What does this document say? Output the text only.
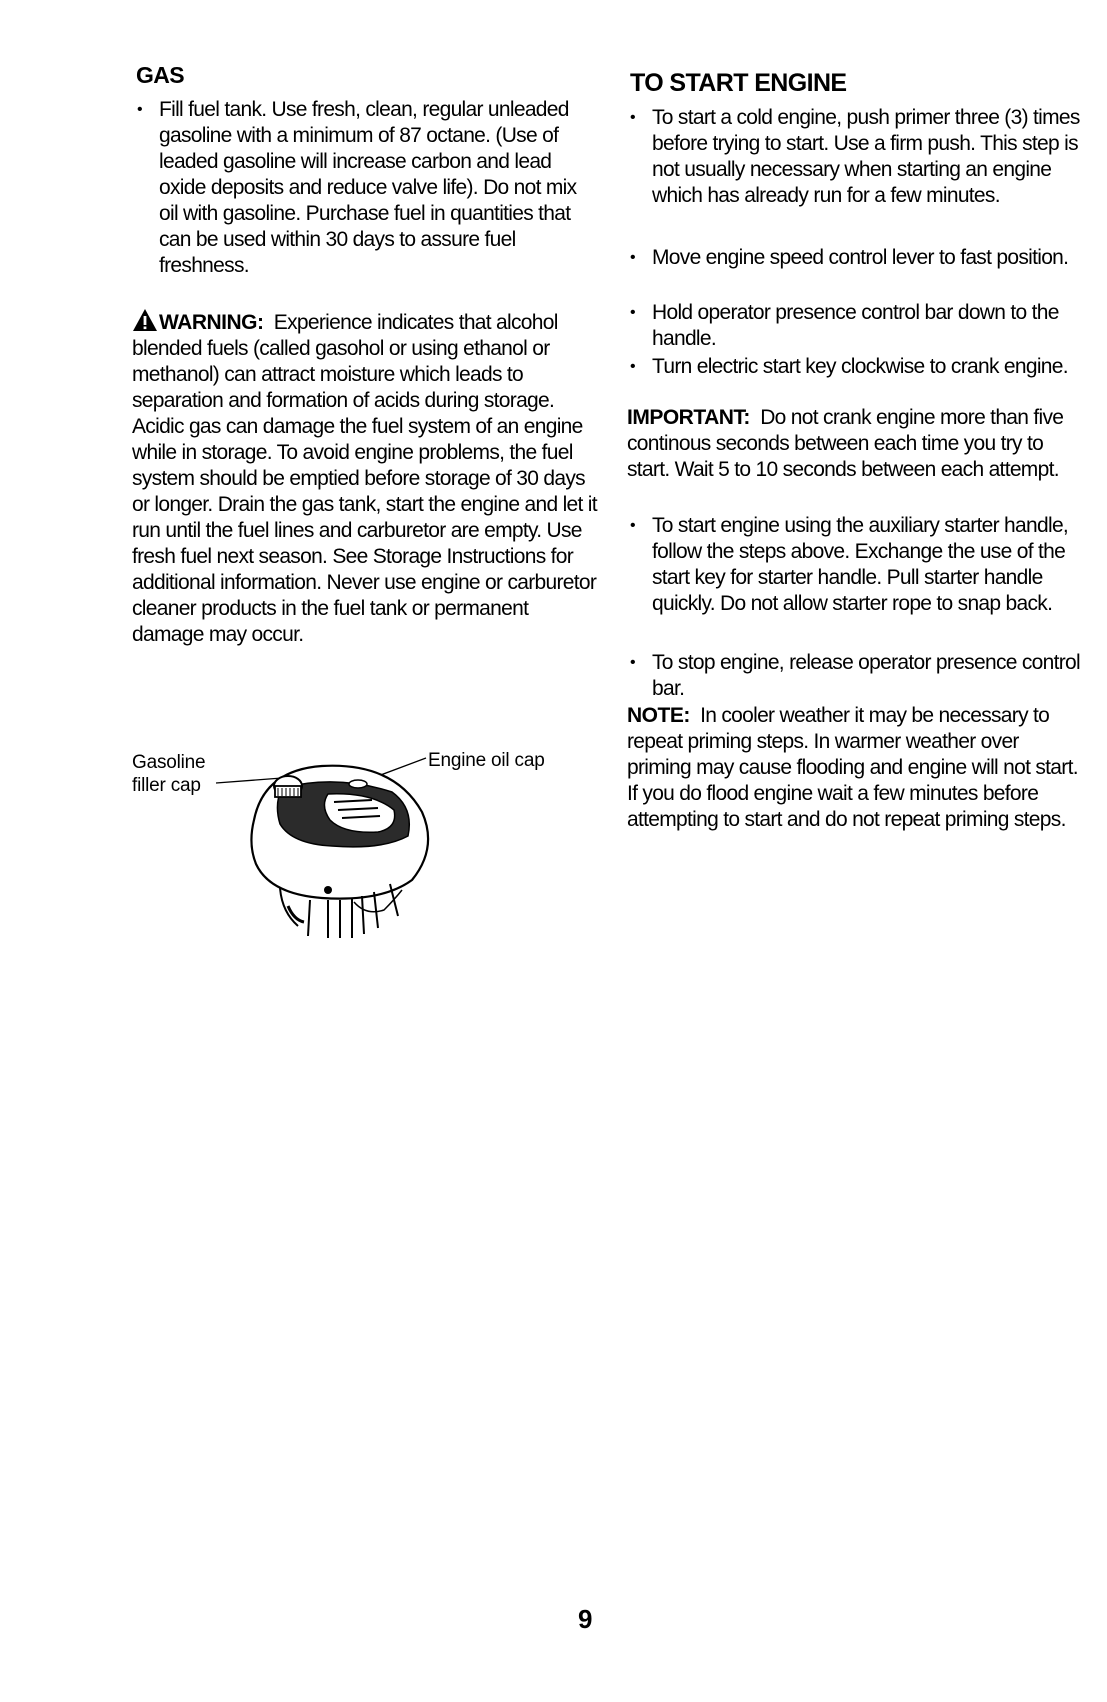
GAS
• Fill fuel tank. Use fresh, clean, regular unleaded gasoline with a minimum of 87 octane. (Use of leaded gasoline will increase carbon and lead oxide deposits and reduce valve life). Do not mix oil with gasoline. Purchase fuel in quantities that can be used within 30 days to assure fuel freshness.
WARNING: Experience indicates that alcohol blended fuels (called gasohol or using ethanol or methanol) can attract moisture which leads to separation and formation of acids during storage. Acidic gas can damage the fuel system of an engine while in storage. To avoid engine problems, the fuel system should be emptied before storage of 30 days or longer. Drain the gas tank, start the engine and let it run until the fuel lines and carburetor are empty. Use fresh fuel next season. See Storage Instructions for additional information. Never use engine or carburetor cleaner products in the fuel tank or permanent damage may occur.
Gasoline
filler cap
Engine oil cap
TO START ENGINE
• To start a cold engine, push primer three (3) times before trying to start. Use a firm push. This step is not usually necessary when starting an engine which has already run for a few minutes.
• Move engine speed control lever to fast position.
• Hold operator presence control bar down to the handle.
• Turn electric start key clockwise to crank engine.
IMPORTANT: Do not crank engine more than five continous seconds between each time you try to start. Wait 5 to 10 seconds between each attempt.
• To start engine using the auxiliary starter handle, follow the steps above. Exchange the use of the start key for starter handle. Pull starter handle quickly. Do not allow starter rope to snap back.
• To stop engine, release operator presence control bar.
NOTE: In cooler weather it may be necessary to repeat priming steps. In warmer weather over priming may cause flooding and engine will not start. If you do flood engine wait a few minutes before attempting to start and do not repeat priming steps.
9
